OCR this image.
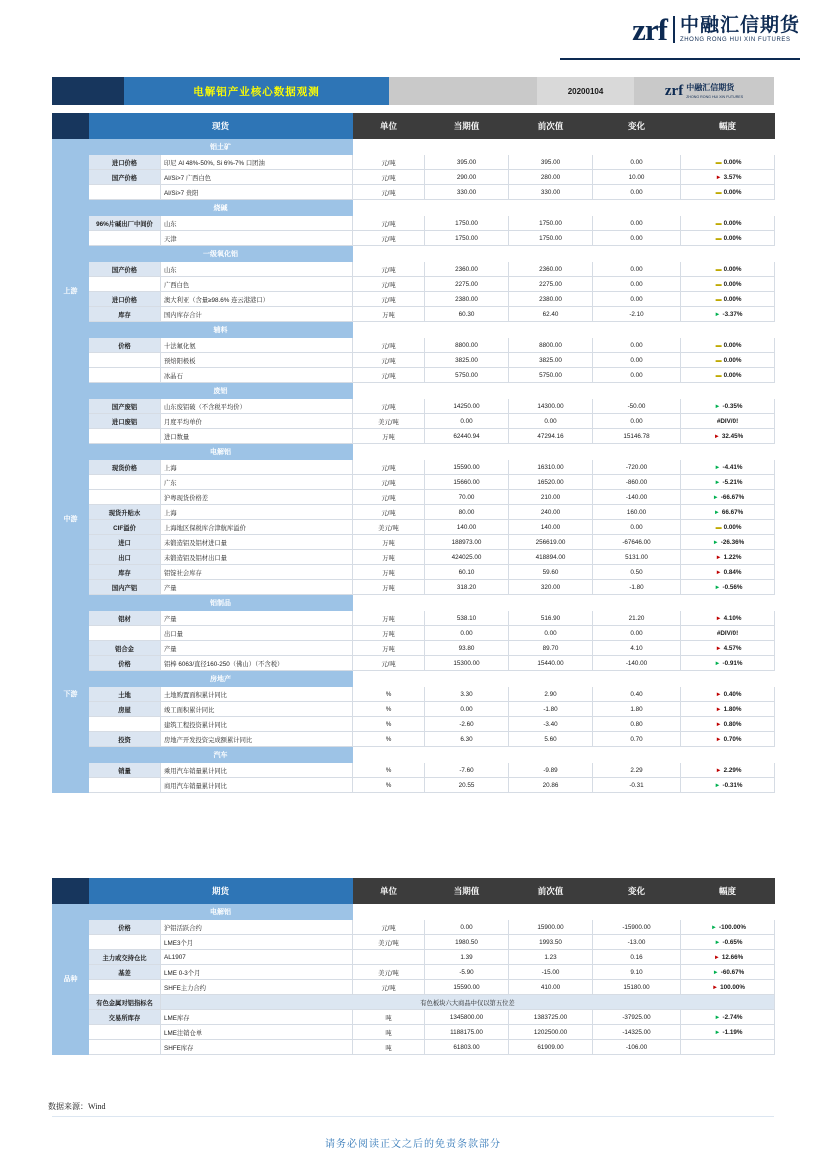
zrf 中融汇信期货
ZHONG RONG HUI XIN FUTURES
电解铝产业核心数据观测	20200104	zrf 中融汇信期货
ZHONG RONG HUI XIN FUTURES
	现货		单位	当期值	前次值	变化	幅度
上游	铝土矿						
	进口价格	印尼 Al 48%-50%, Si 6%-7% 口团油	元/吨	395.00	395.00	0.00	▬ 0.00%
	国产价格	Al/Si>7 广西白色	元/吨	290.00	280.00	10.00	► 3.57%
		Al/Si>7 贵阳	元/吨	330.00	330.00	0.00	▬ 0.00%
	烧碱						
	96%片碱出厂中间价	山东	元/吨	1750.00	1750.00	0.00	▬ 0.00%
		天津	元/吨	1750.00	1750.00	0.00	▬ 0.00%
	一级氧化铝						
	国产价格	山东	元/吨	2360.00	2360.00	0.00	▬ 0.00%
		广西白色	元/吨	2275.00	2275.00	0.00	▬ 0.00%
	进口价格	澳大利亚（含量≥98.6% 连云港港口）	元/吨	2380.00	2380.00	0.00	▬ 0.00%
	库存	国内库存合计	万吨	60.30	62.40	-2.10	► -3.37%
	辅料						
	价格	十法氟化氨	元/吨	8800.00	8800.00	0.00	▬ 0.00%
		预焙阳极板	元/吨	3825.00	3825.00	0.00	▬ 0.00%
		冰晶石	元/吨	5750.00	5750.00	0.00	▬ 0.00%
	废铝						
	国产废铝	山东废铝破（不含税平均价）	元/吨	14250.00	14300.00	-50.00	► -0.35%
	进口废铝	月度平均单价	美元/吨	0.00	0.00	0.00	#DIV/0!
		进口数量	万吨	62440.94	47294.16	15146.78	► 32.45%
中游	电解铝						
	现货价格	上海	元/吨	15590.00	16310.00	-720.00	► -4.41%
		广东	元/吨	15660.00	16520.00	-860.00	► -5.21%
		沪粤现货价格差	元/吨	70.00	210.00	-140.00	► -66.67%
	现货升贴水	上海	元/吨	80.00	240.00	160.00	► 66.67%
	CIF溢价	上海地区保税库合津航库溢价	美元/吨	140.00	140.00	0.00	▬ 0.00%
	进口	未锻造铝及铝材进口量	万吨	188973.00	256619.00	-67646.00	► -26.36%
	出口	未锻造铝及铝材出口量	万吨	424025.00	418894.00	5131.00	► 1.22%
	库存	铝锭社会库存	万吨	60.10	59.60	0.50	► 0.84%
	国内产铝	产量	万吨	318.20	320.00	-1.80	► -0.56%
下游	铝制品						
	铝材	产量	万吨	538.10	516.90	21.20	► 4.10%
		出口量	万吨	0.00	0.00	0.00	#DIV/0!
	铝合金	产量	万吨	93.80	89.70	4.10	► 4.57%
	价格	铝棒 6063/直径160-250（佛山）（不含税）	元/吨	15300.00	15440.00	-140.00	► -0.91%
	房地产						
	土地	土地购置面积累计同比	%	3.30	2.90	0.40	► 0.40%
	房屋	竣工面积累计同比	%	0.00	-1.80	1.80	► 1.80%
		建筑工程投资累计同比	%	-2.60	-3.40	0.80	► 0.80%
	投资	房地产开发投资完成额累计同比	%	6.30	5.60	0.70	► 0.70%
	汽车						
	销量	乘用汽车销量累计同比	%	-7.60	-9.89	2.29	► 2.29%
		商用汽车销量累计同比	%	20.55	20.86	-0.31	► -0.31%
	期货		单位	当期值	前次值	变化	幅度
品种	电解铝						
	价格	沪铝活跃合约	元/吨	0.00	15900.00	-15900.00	► -100.00%
		LME3个月	美元/吨	1980.50	1993.50	-13.00	► -0.65%
	主力或交持仓比	AL1907		1.39	1.23	0.16	► 12.66%
	基差	LME 0-3个月	美元/吨	-5.90	-15.00	9.10	► -60.67%
		SHFE主力合约	元/吨	15590.00	410.00	15180.00	► 100.00%
	有色金属对铝指标名	有色板块六大商品中仅以第五位差					
	交易所库存	LME库存	吨	1345800.00	1383725.00	-37925.00	► -2.74%
		LME注销仓单	吨	1188175.00	1202500.00	-14325.00	► -1.19%
		SHFE库存	吨	61803.00	61909.00	-106.00	
数据来源：Wind
请务必阅读正文之后的免责条款部分
